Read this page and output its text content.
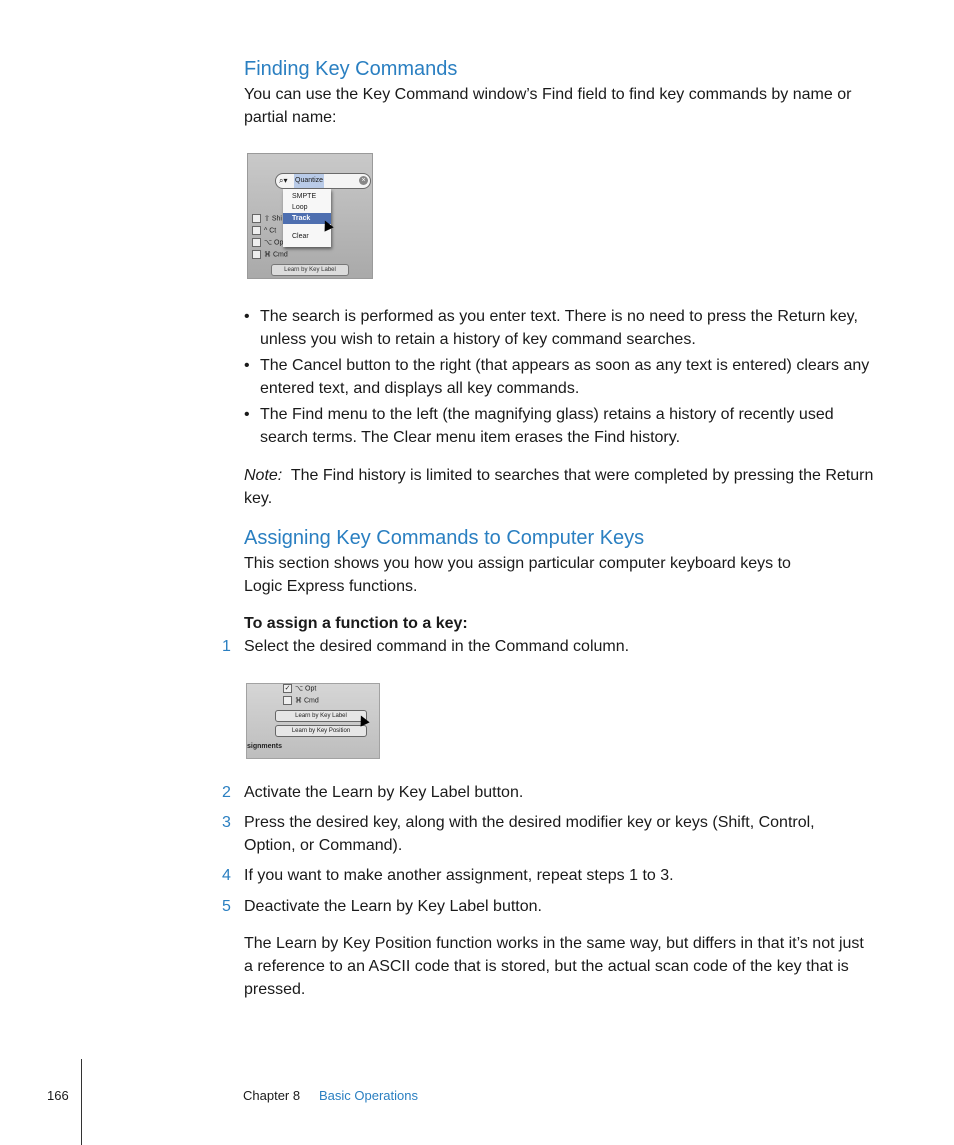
Finding Key Commands

You can use the Key Command window’s Find field to find key commands by name or partial name:

⌕▾ Quantize	×
⇧ Shi
^ Ct
⌥ Op
⌘ Cmd
SMPTE
Loop
Track
Clear
Learn by Key Label
• The search is performed as you enter text. There is no need to press the Return key, unless you wish to retain a history of key command searches.
• The Cancel button to the right (that appears as soon as any text is entered) clears any entered text, and displays all key commands.
• The Find menu to the left (the magnifying glass) retains a history of recently used search terms. The Clear menu item erases the Find history.

Note: The Find history is limited to searches that were completed by pressing the Return key.

Assigning Key Commands to Computer Keys

This section shows you how you assign particular computer keyboard keys to Logic Express functions.

To assign a function to a key:

1 Select the desired command in the Command column.
✓ ⌥ Opt
⌘ Cmd
Learn by Key Label
Learn by Key Position
signments
2 Activate the Learn by Key Label button.
3 Press the desired key, along with the desired modifier key or keys (Shift, Control, Option, or Command).
4 If you want to make another assignment, repeat steps 1 to 3.
5 Deactivate the Learn by Key Label button.

The Learn by Key Position function works in the same way, but differs in that it’s not just a reference to an ASCII code that is stored, but the actual scan code of the key that is pressed.

166	Chapter 8 Basic Operations
